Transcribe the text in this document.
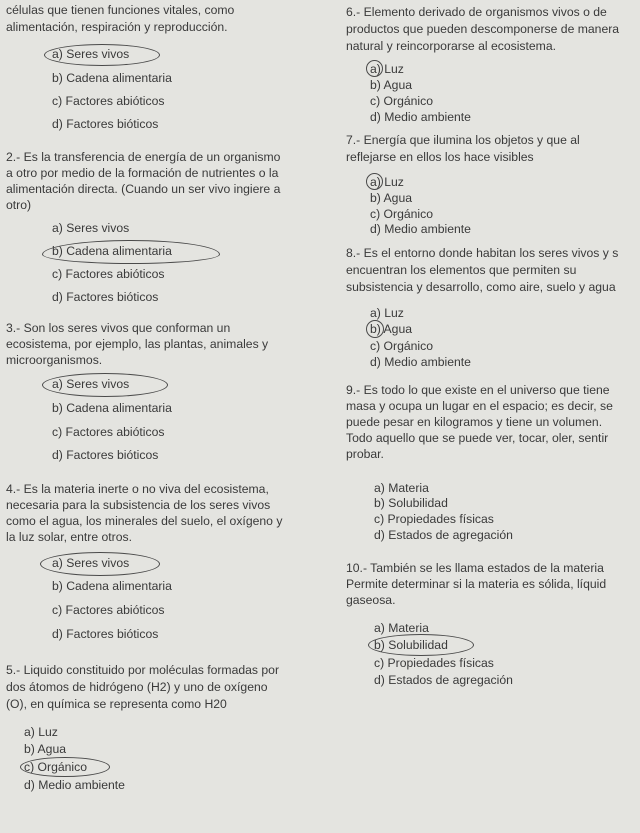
células que tienen funciones vitales, como
alimentación, respiración y reproducción.
a) Seres vivos
b) Cadena alimentaria
c) Factores abióticos
d) Factores bióticos
2.- Es la transferencia de energía de un organismo
a otro por medio de la formación de nutrientes o la
alimentación directa. (Cuando un ser vivo ingiere a
otro)
a) Seres vivos
b) Cadena alimentaria
c) Factores abióticos
d) Factores bióticos
3.- Son los seres vivos que conforman un
ecosistema, por ejemplo, las plantas, animales y
microorganismos.
a) Seres vivos
b) Cadena alimentaria
c) Factores abióticos
d) Factores bióticos
4.- Es la materia inerte o no viva del ecosistema,
necesaria para la subsistencia de los seres vivos
como el agua, los minerales del suelo, el oxígeno y
la luz solar, entre otros.
a) Seres vivos
b) Cadena alimentaria
c) Factores abióticos
d) Factores bióticos
5.- Liquido constituido por moléculas formadas por
dos átomos de hidrógeno (H2) y uno de oxígeno
(O), en química se representa como H20
a) Luz
b) Agua
c) Orgánico
d) Medio ambiente
6.- Elemento derivado de organismos vivos o de
productos que pueden descomponerse de manera
natural y reincorporarse al ecosistema.
a) Luz
b) Agua
c) Orgánico
d) Medio ambiente
7.- Energía que ilumina los objetos y que al
reflejarse en ellos los hace visibles
a) Luz
b) Agua
c) Orgánico
d) Medio ambiente
8.- Es el entorno donde habitan los seres vivos y s
encuentran los elementos que permiten su
subsistencia y desarrollo, como aire, suelo y agua
a) Luz
b) Agua
c) Orgánico
d) Medio ambiente
9.- Es todo lo que existe en el universo que tiene
masa y ocupa un lugar en el espacio; es decir, se
puede pesar en kilogramos y tiene un volumen.
Todo aquello que se puede ver, tocar, oler, sentir
probar.
a) Materia
b) Solubilidad
c) Propiedades físicas
d) Estados de agregación
10.- También se les llama estados de la materia
Permite determinar si la materia es sólida, líquid
gaseosa.
a) Materia
b) Solubilidad
c) Propiedades físicas
d) Estados de agregación
